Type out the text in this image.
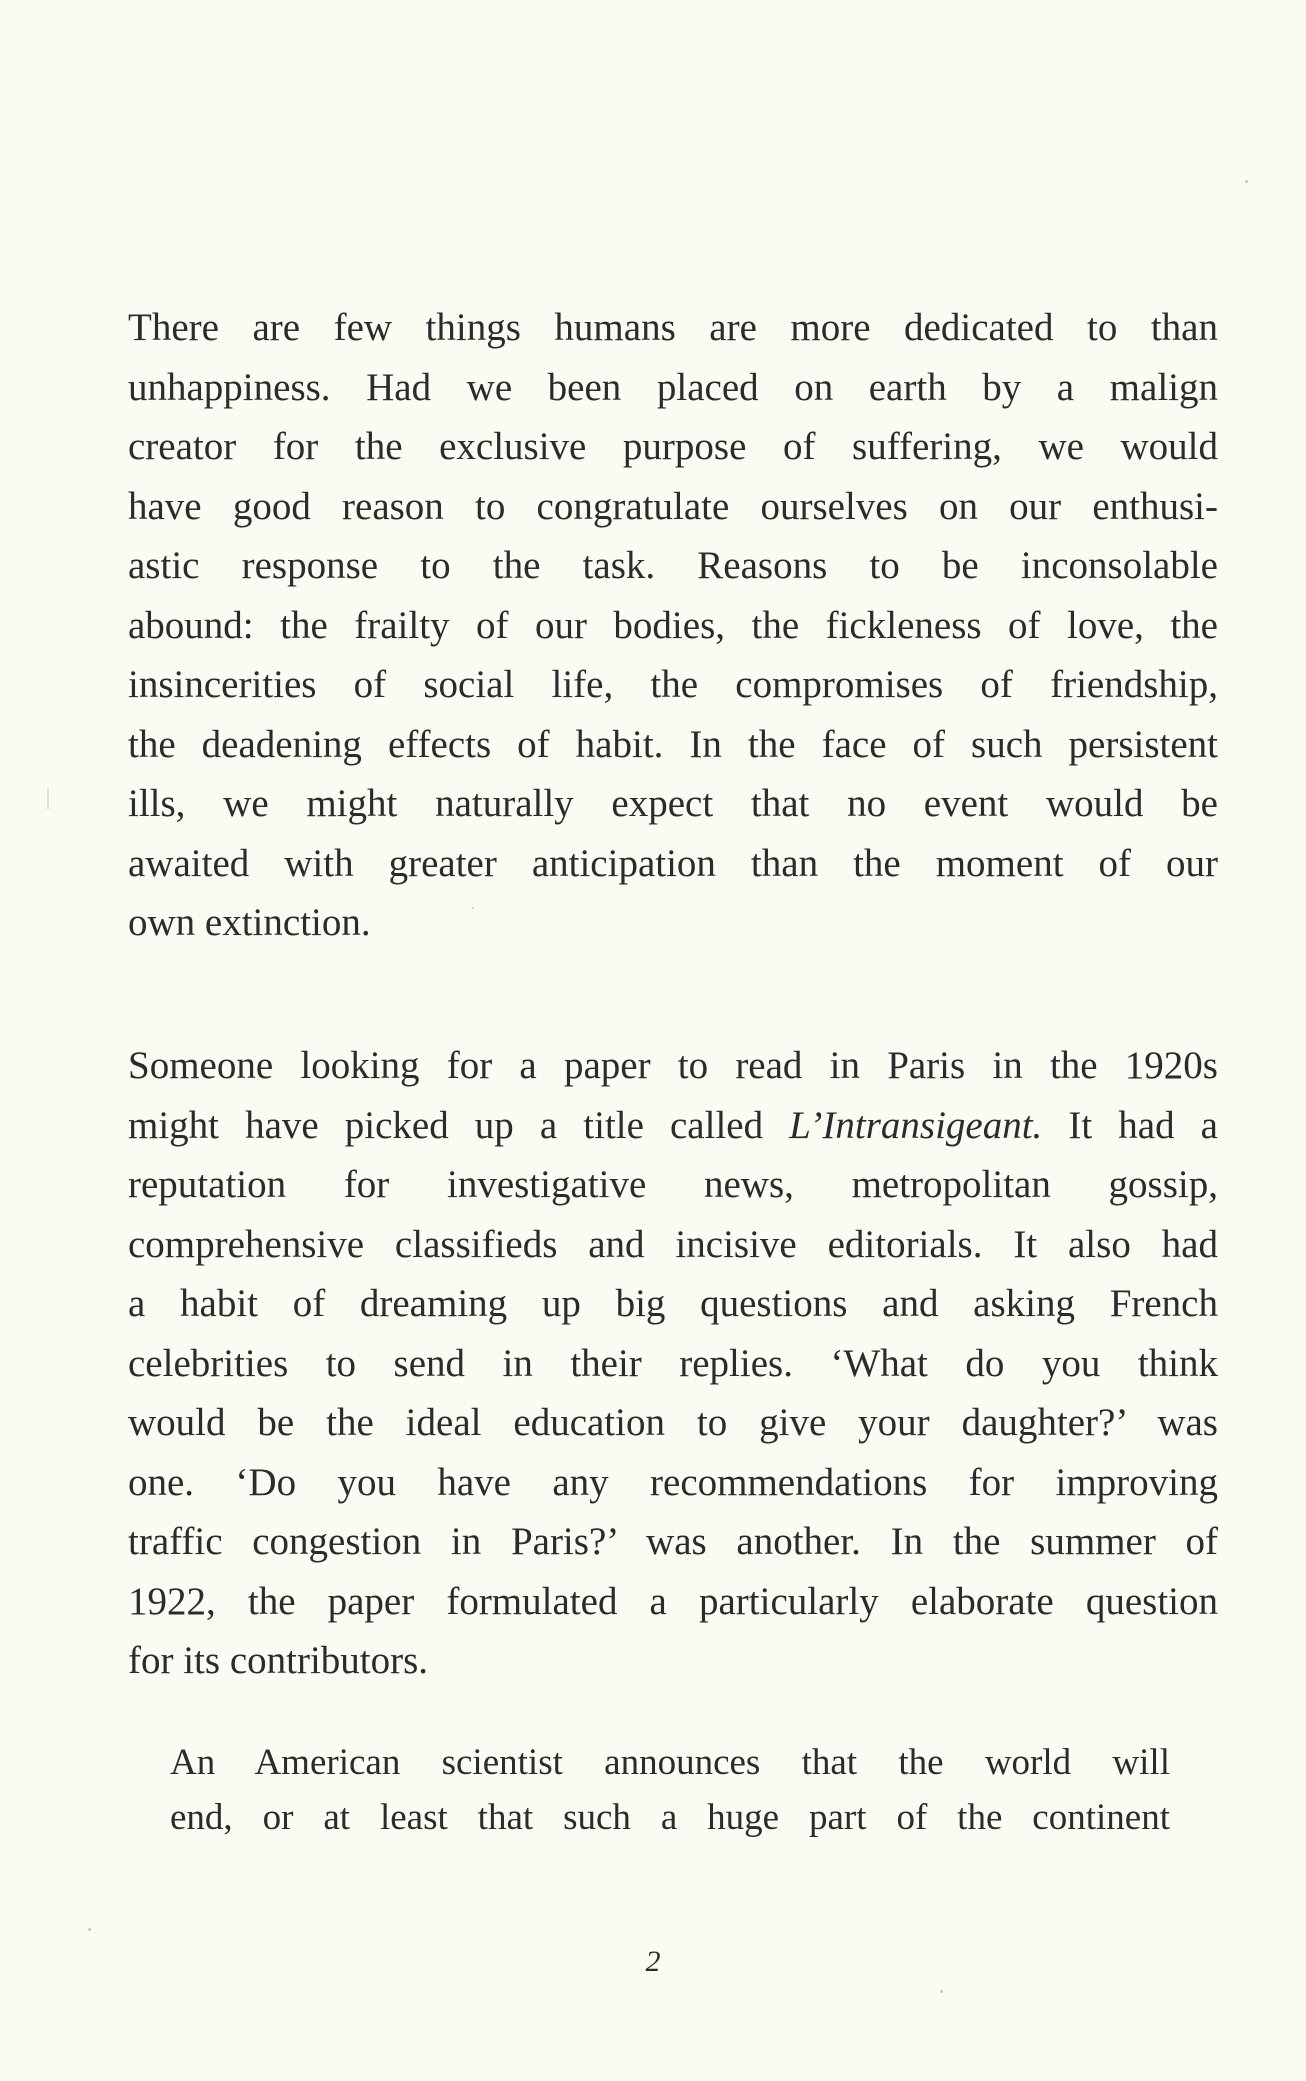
There are few things humans are more dedicated to than
unhappiness. Had we been placed on earth by a malign
creator for the exclusive purpose of suffering, we would
have good reason to congratulate ourselves on our enthusi-
astic response to the task. Reasons to be inconsolable
abound: the frailty of our bodies, the fickleness of love, the
insincerities of social life, the compromises of friendship,
the deadening effects of habit. In the face of such persistent
ills, we might naturally expect that no event would be
awaited with greater anticipation than the moment of our
own extinction.
Someone looking for a paper to read in Paris in the 1920s
might have picked up a title called L’Intransigeant. It had a
reputation for investigative news, metropolitan gossip,
comprehensive classifieds and incisive editorials. It also had
a habit of dreaming up big questions and asking French
celebrities to send in their replies. ‘What do you think
would be the ideal education to give your daughter?’ was
one. ‘Do you have any recommendations for improving
traffic congestion in Paris?’ was another. In the summer of
1922, the paper formulated a particularly elaborate question
for its contributors.
An American scientist announces that the world will
end, or at least that such a huge part of the continent
2
